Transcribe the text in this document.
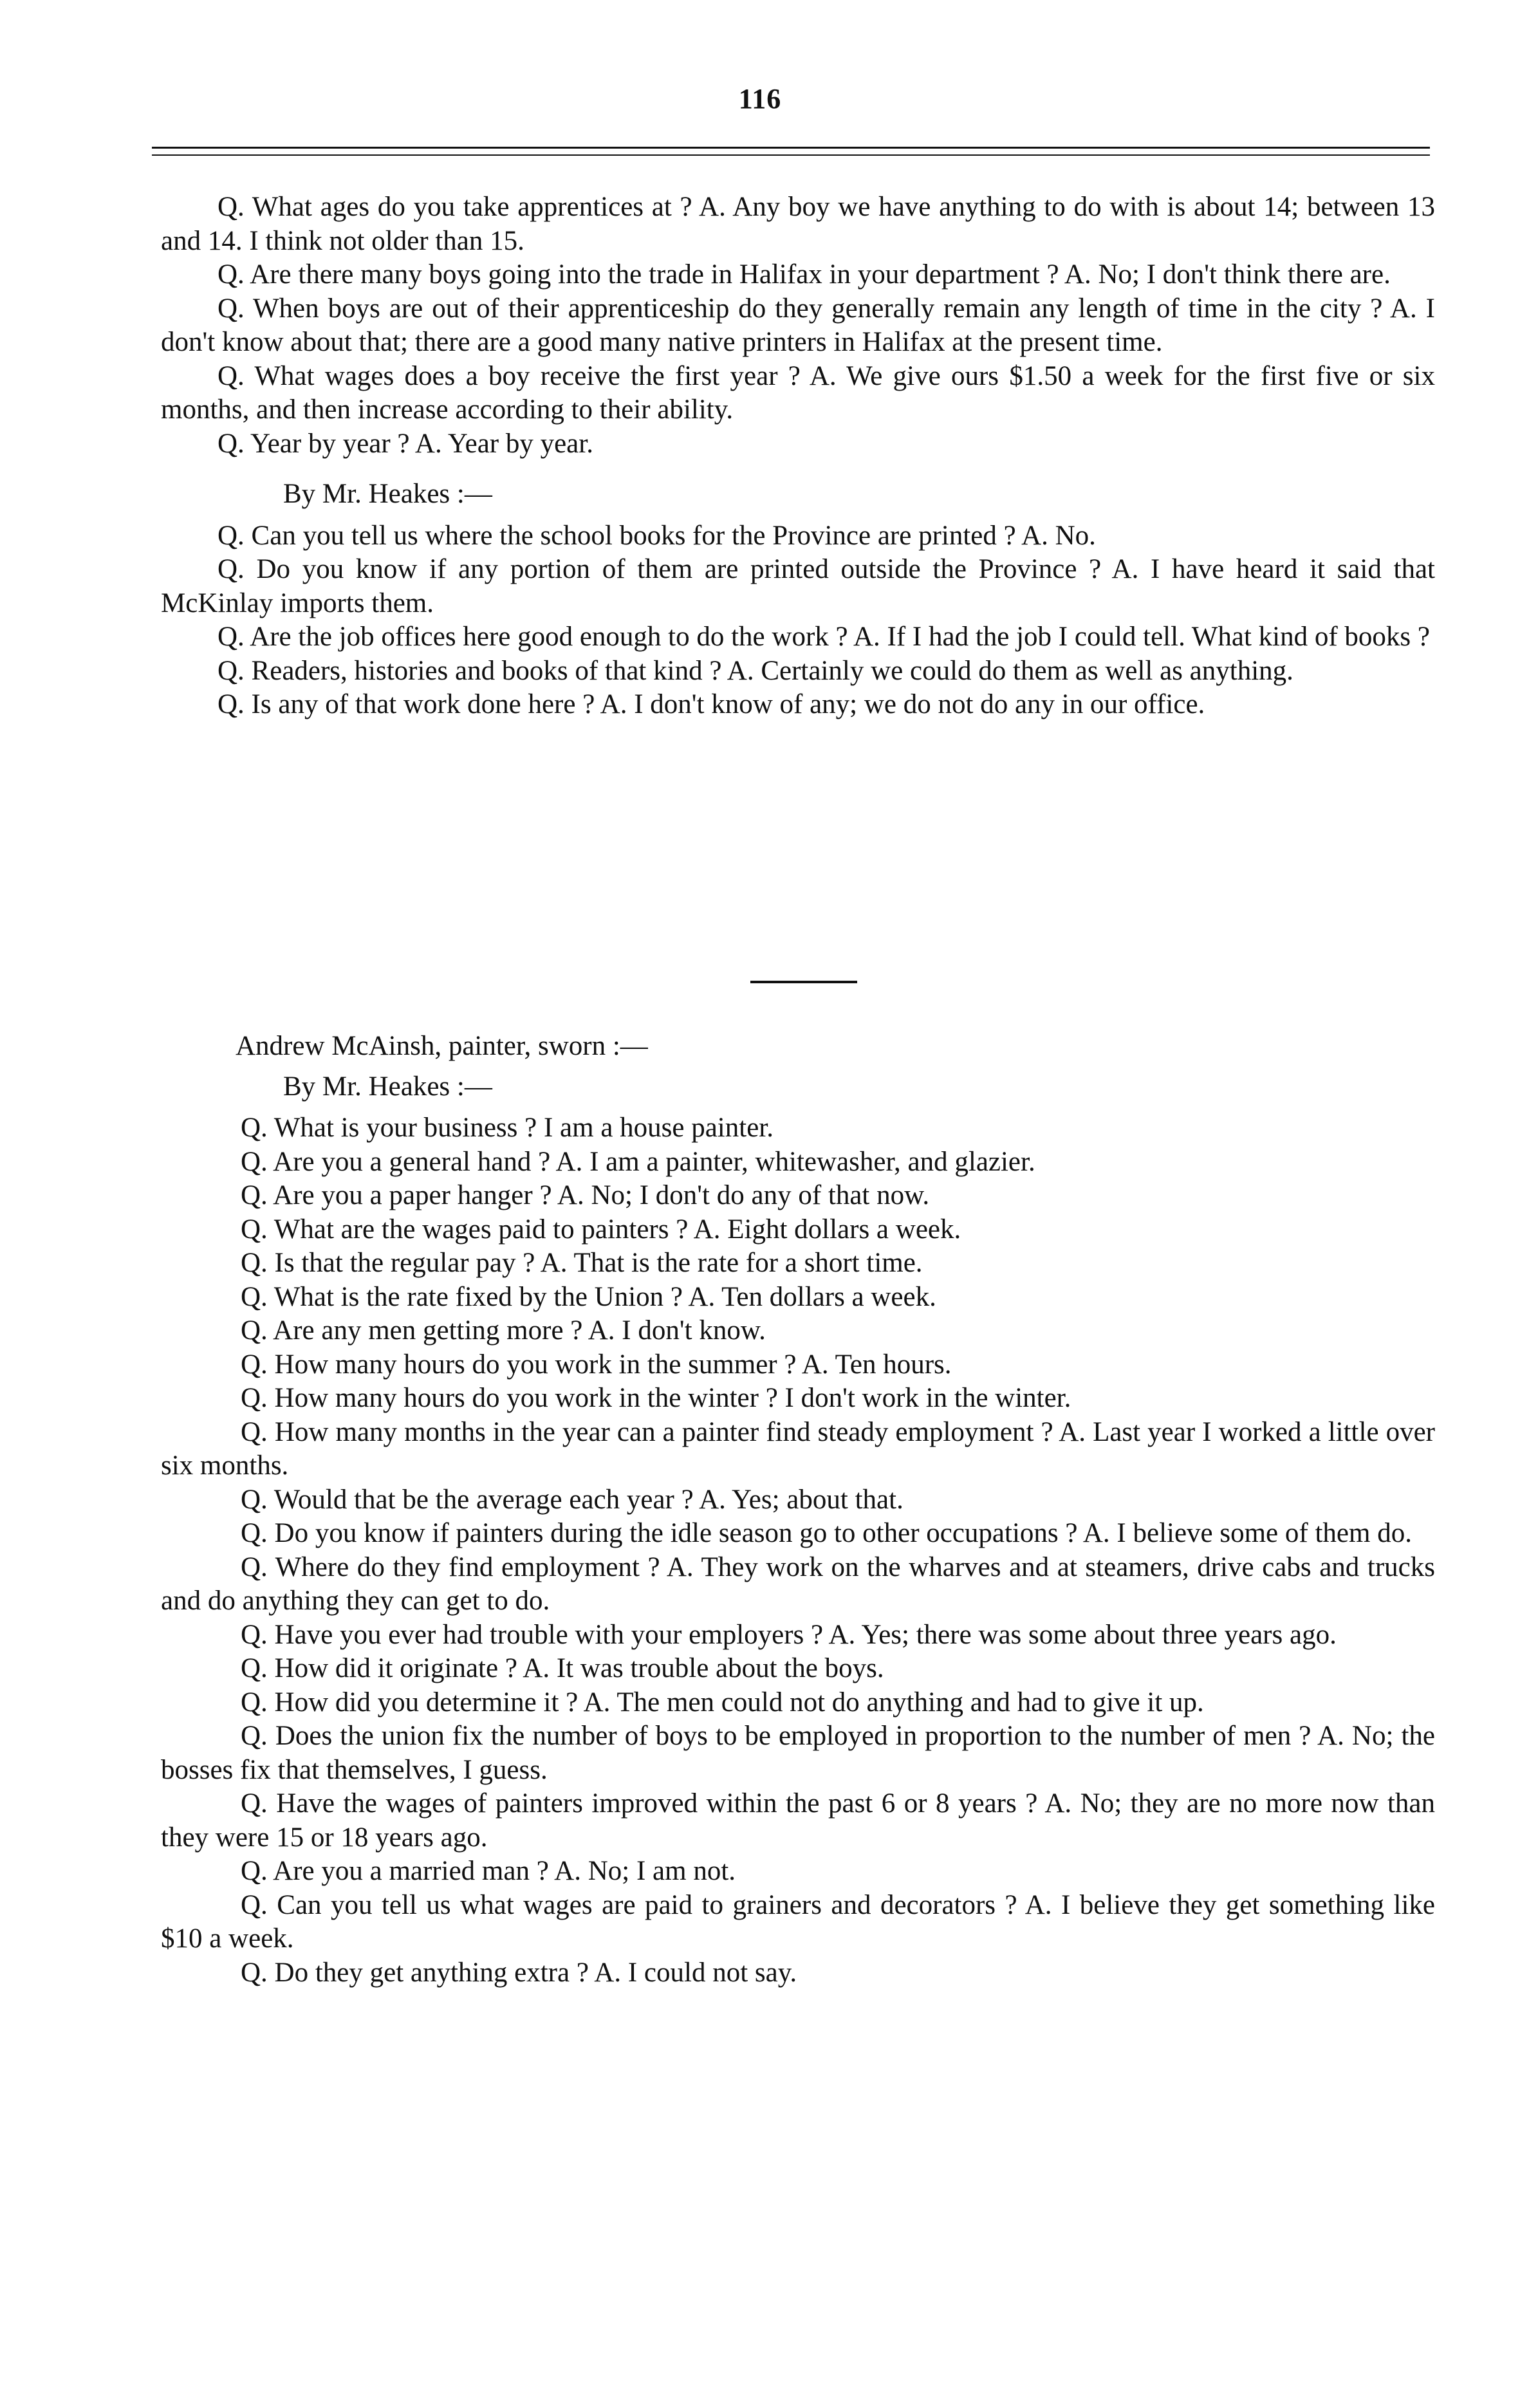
116

Q. What ages do you take apprentices at ? A. Any boy we have anything to do with is about 14; between 13 and 14. I think not older than 15.

Q. Are there many boys going into the trade in Halifax in your department ? A. No; I don't think there are.

Q. When boys are out of their apprenticeship do they generally remain any length of time in the city ? A. I don't know about that; there are a good many native printers in Halifax at the present time.

Q. What wages does a boy receive the first year ? A. We give ours $1.50 a week for the first five or six months, and then increase according to their ability.

Q. Year by year ? A. Year by year.

By Mr. Heakes :—

Q. Can you tell us where the school books for the Province are printed ? A. No.

Q. Do you know if any portion of them are printed outside the Province ? A. I have heard it said that McKinlay imports them.

Q. Are the job offices here good enough to do the work ? A. If I had the job I could tell. What kind of books ?

Q. Readers, histories and books of that kind ? A. Certainly we could do them as well as anything.

Q. Is any of that work done here ? A. I don't know of any; we do not do any in our office.

Andrew McAinsh, painter, sworn :—

By Mr. Heakes :—

Q. What is your business ? I am a house painter.

Q. Are you a general hand ? A. I am a painter, whitewasher, and glazier.

Q. Are you a paper hanger ? A. No; I don't do any of that now.

Q. What are the wages paid to painters ? A. Eight dollars a week.

Q. Is that the regular pay ? A. That is the rate for a short time.

Q. What is the rate fixed by the Union ? A. Ten dollars a week.

Q. Are any men getting more ? A. I don't know.

Q. How many hours do you work in the summer ? A. Ten hours.

Q. How many hours do you work in the winter ? I don't work in the winter.

Q. How many months in the year can a painter find steady employment ? A. Last year I worked a little over six months.

Q. Would that be the average each year ? A. Yes; about that.

Q. Do you know if painters during the idle season go to other occupations ? A. I believe some of them do.

Q. Where do they find employment ? A. They work on the wharves and at steamers, drive cabs and trucks and do anything they can get to do.

Q. Have you ever had trouble with your employers ? A. Yes; there was some about three years ago.

Q. How did it originate ? A. It was trouble about the boys.

Q. How did you determine it ? A. The men could not do anything and had to give it up.

Q. Does the union fix the number of boys to be employed in proportion to the number of men ? A. No; the bosses fix that themselves, I guess.

Q. Have the wages of painters improved within the past 6 or 8 years ? A. No; they are no more now than they were 15 or 18 years ago.

Q. Are you a married man ? A. No; I am not.

Q. Can you tell us what wages are paid to grainers and decorators ? A. I believe they get something like $10 a week.

Q. Do they get anything extra ? A. I could not say.
